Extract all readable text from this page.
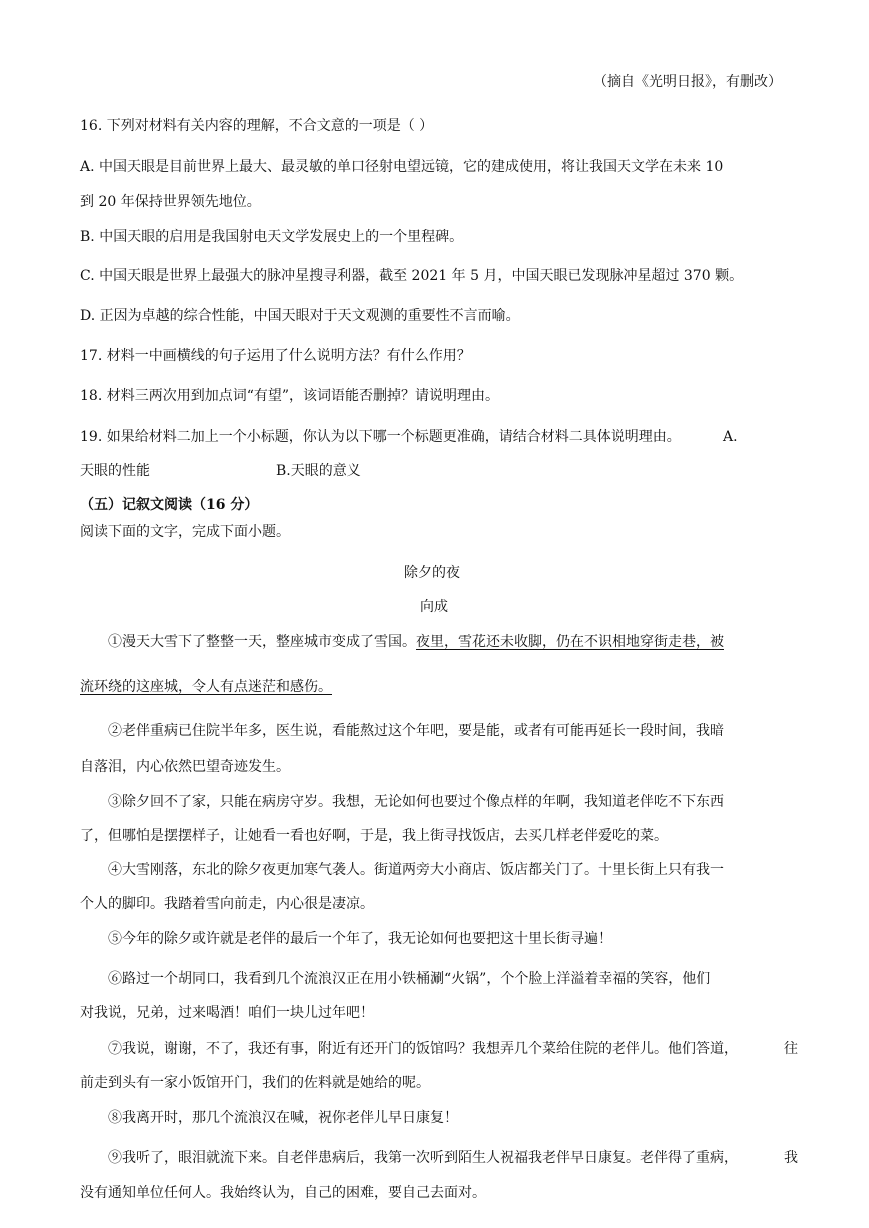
（摘自《光明日报》，有删改）
16. 下列对材料有关内容的理解，不合文意的一项是（ ）
A. 中国天眼是目前世界上最大、最灵敏的单口径射电望远镜，它的建成使用，将让我国天文学在未来 10
到 20 年保持世界领先地位。
B. 中国天眼的启用是我国射电天文学发展史上的一个里程碑。
C. 中国天眼是世界上最强大的脉冲星搜寻利器，截至 2021 年 5 月，中国天眼已发现脉冲星超过 370 颗。
D. 正因为卓越的综合性能，中国天眼对于天文观测的重要性不言而喻。
17. 材料一中画横线的句子运用了什么说明方法？有什么作用？
18. 材料三两次用到加点词“有望”，该词语能否删掉？请说明理由。
19. 如果给材料二加上一个小标题，你认为以下哪一个标题更准确，请结合材料二具体说明理由。	A.
天眼的性能	B.天眼的意义
（五）记叙文阅读（16 分）
阅读下面的文字，完成下面小题。
除夕的夜
向成
①漫天大雪下了整整一天，整座城市变成了雪国。夜里，雪花还未收脚，仍在不识相地穿街走巷，被
流环绕的这座城，令人有点迷茫和感伤。
②老伴重病已住院半年多，医生说，看能熬过这个年吧，要是能，或者有可能再延长一段时间，我暗
自落泪，内心依然巴望奇迹发生。
③除夕回不了家，只能在病房守岁。我想，无论如何也要过个像点样的年啊，我知道老伴吃不下东西
了，但哪怕是摆摆样子，让她看一看也好啊，于是，我上街寻找饭店，去买几样老伴爱吃的菜。
④大雪刚落，东北的除夕夜更加寒气袭人。街道两旁大小商店、饭店都关门了。十里长街上只有我一
个人的脚印。我踏着雪向前走，内心很是凄凉。
⑤今年的除夕或许就是老伴的最后一个年了，我无论如何也要把这十里长街寻遍！
⑥路过一个胡同口，我看到几个流浪汉正在用小铁桶涮“火锅”，个个脸上洋溢着幸福的笑容，他们
对我说，兄弟，过来喝酒！咱们一块儿过年吧！
⑦我说，谢谢，不了，我还有事，附近有还开门的饭馆吗？我想弄几个菜给住院的老伴儿。他们答道，	往
前走到头有一家小饭馆开门，我们的佐料就是她给的呢。
⑧我离开时，那几个流浪汉在喊，祝你老伴儿早日康复！
⑨我听了，眼泪就流下来。自老伴患病后，我第一次听到陌生人祝福我老伴早日康复。老伴得了重病，	我
没有通知单位任何人。我始终认为，自己的困难，要自己去面对。
